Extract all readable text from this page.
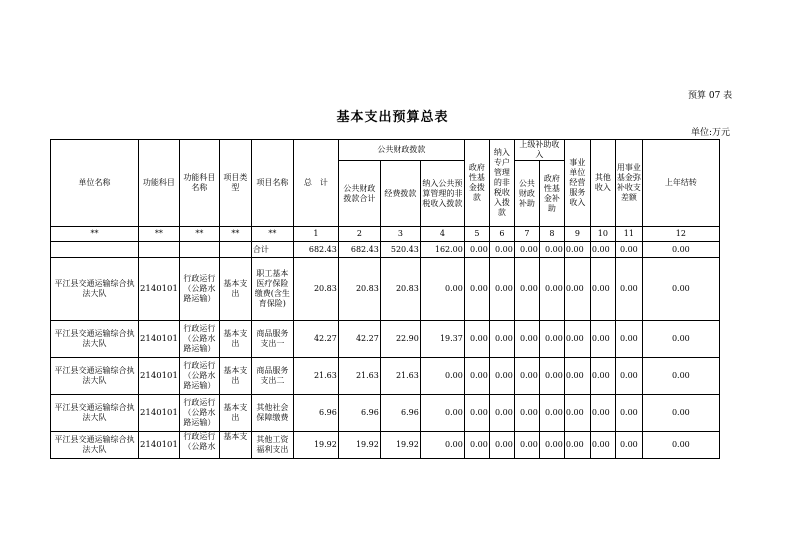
预算 07 表
基本支出预算总表
单位:万元
单位名称	功能科目	功能科目名称	项目类型	项目名称	总　计	公共财政拨款			政府性基金拨款	纳入专户管理的非税收入拨款	上级补助收入		事业单位经营服务收入	其他收入	用事业基金弥补收支差额	上年结转
						公共财政拨款合计	经费拨款	纳入公共预算管理的非税收入拨款			公共财政补助	政府性基金补助				
**	**	**	**	**	1	2	3	4	5	6	7	8	9	10	11	12
				合计	682.43	682.43	520.43	162.00	0.00	0.00	0.00	0.00	0.00	0.00	0.00	0.00
平江县交通运输综合执法大队	2140101	行政运行（公路水路运输）	基本支出	职工基本医疗保险缴费(含生育保险)	20.83	20.83	20.83	0.00	0.00	0.00	0.00	0.00	0.00	0.00	0.00	0.00
平江县交通运输综合执法大队	2140101	行政运行（公路水路运输）	基本支出	商品服务支出一	42.27	42.27	22.90	19.37	0.00	0.00	0.00	0.00	0.00	0.00	0.00	0.00
平江县交通运输综合执法大队	2140101	行政运行（公路水路运输）	基本支出	商品服务支出二	21.63	21.63	21.63	0.00	0.00	0.00	0.00	0.00	0.00	0.00	0.00	0.00
平江县交通运输综合执法大队	2140101	行政运行（公路水路运输）	基本支出	其他社会保障缴费	6.96	6.96	6.96	0.00	0.00	0.00	0.00	0.00	0.00	0.00	0.00	0.00
平江县交通运输综合执法大队	2140101	行政运行（公路水	基本支	其他工资福利支出	19.92	19.92	19.92	0.00	0.00	0.00	0.00	0.00	0.00	0.00	0.00	0.00
